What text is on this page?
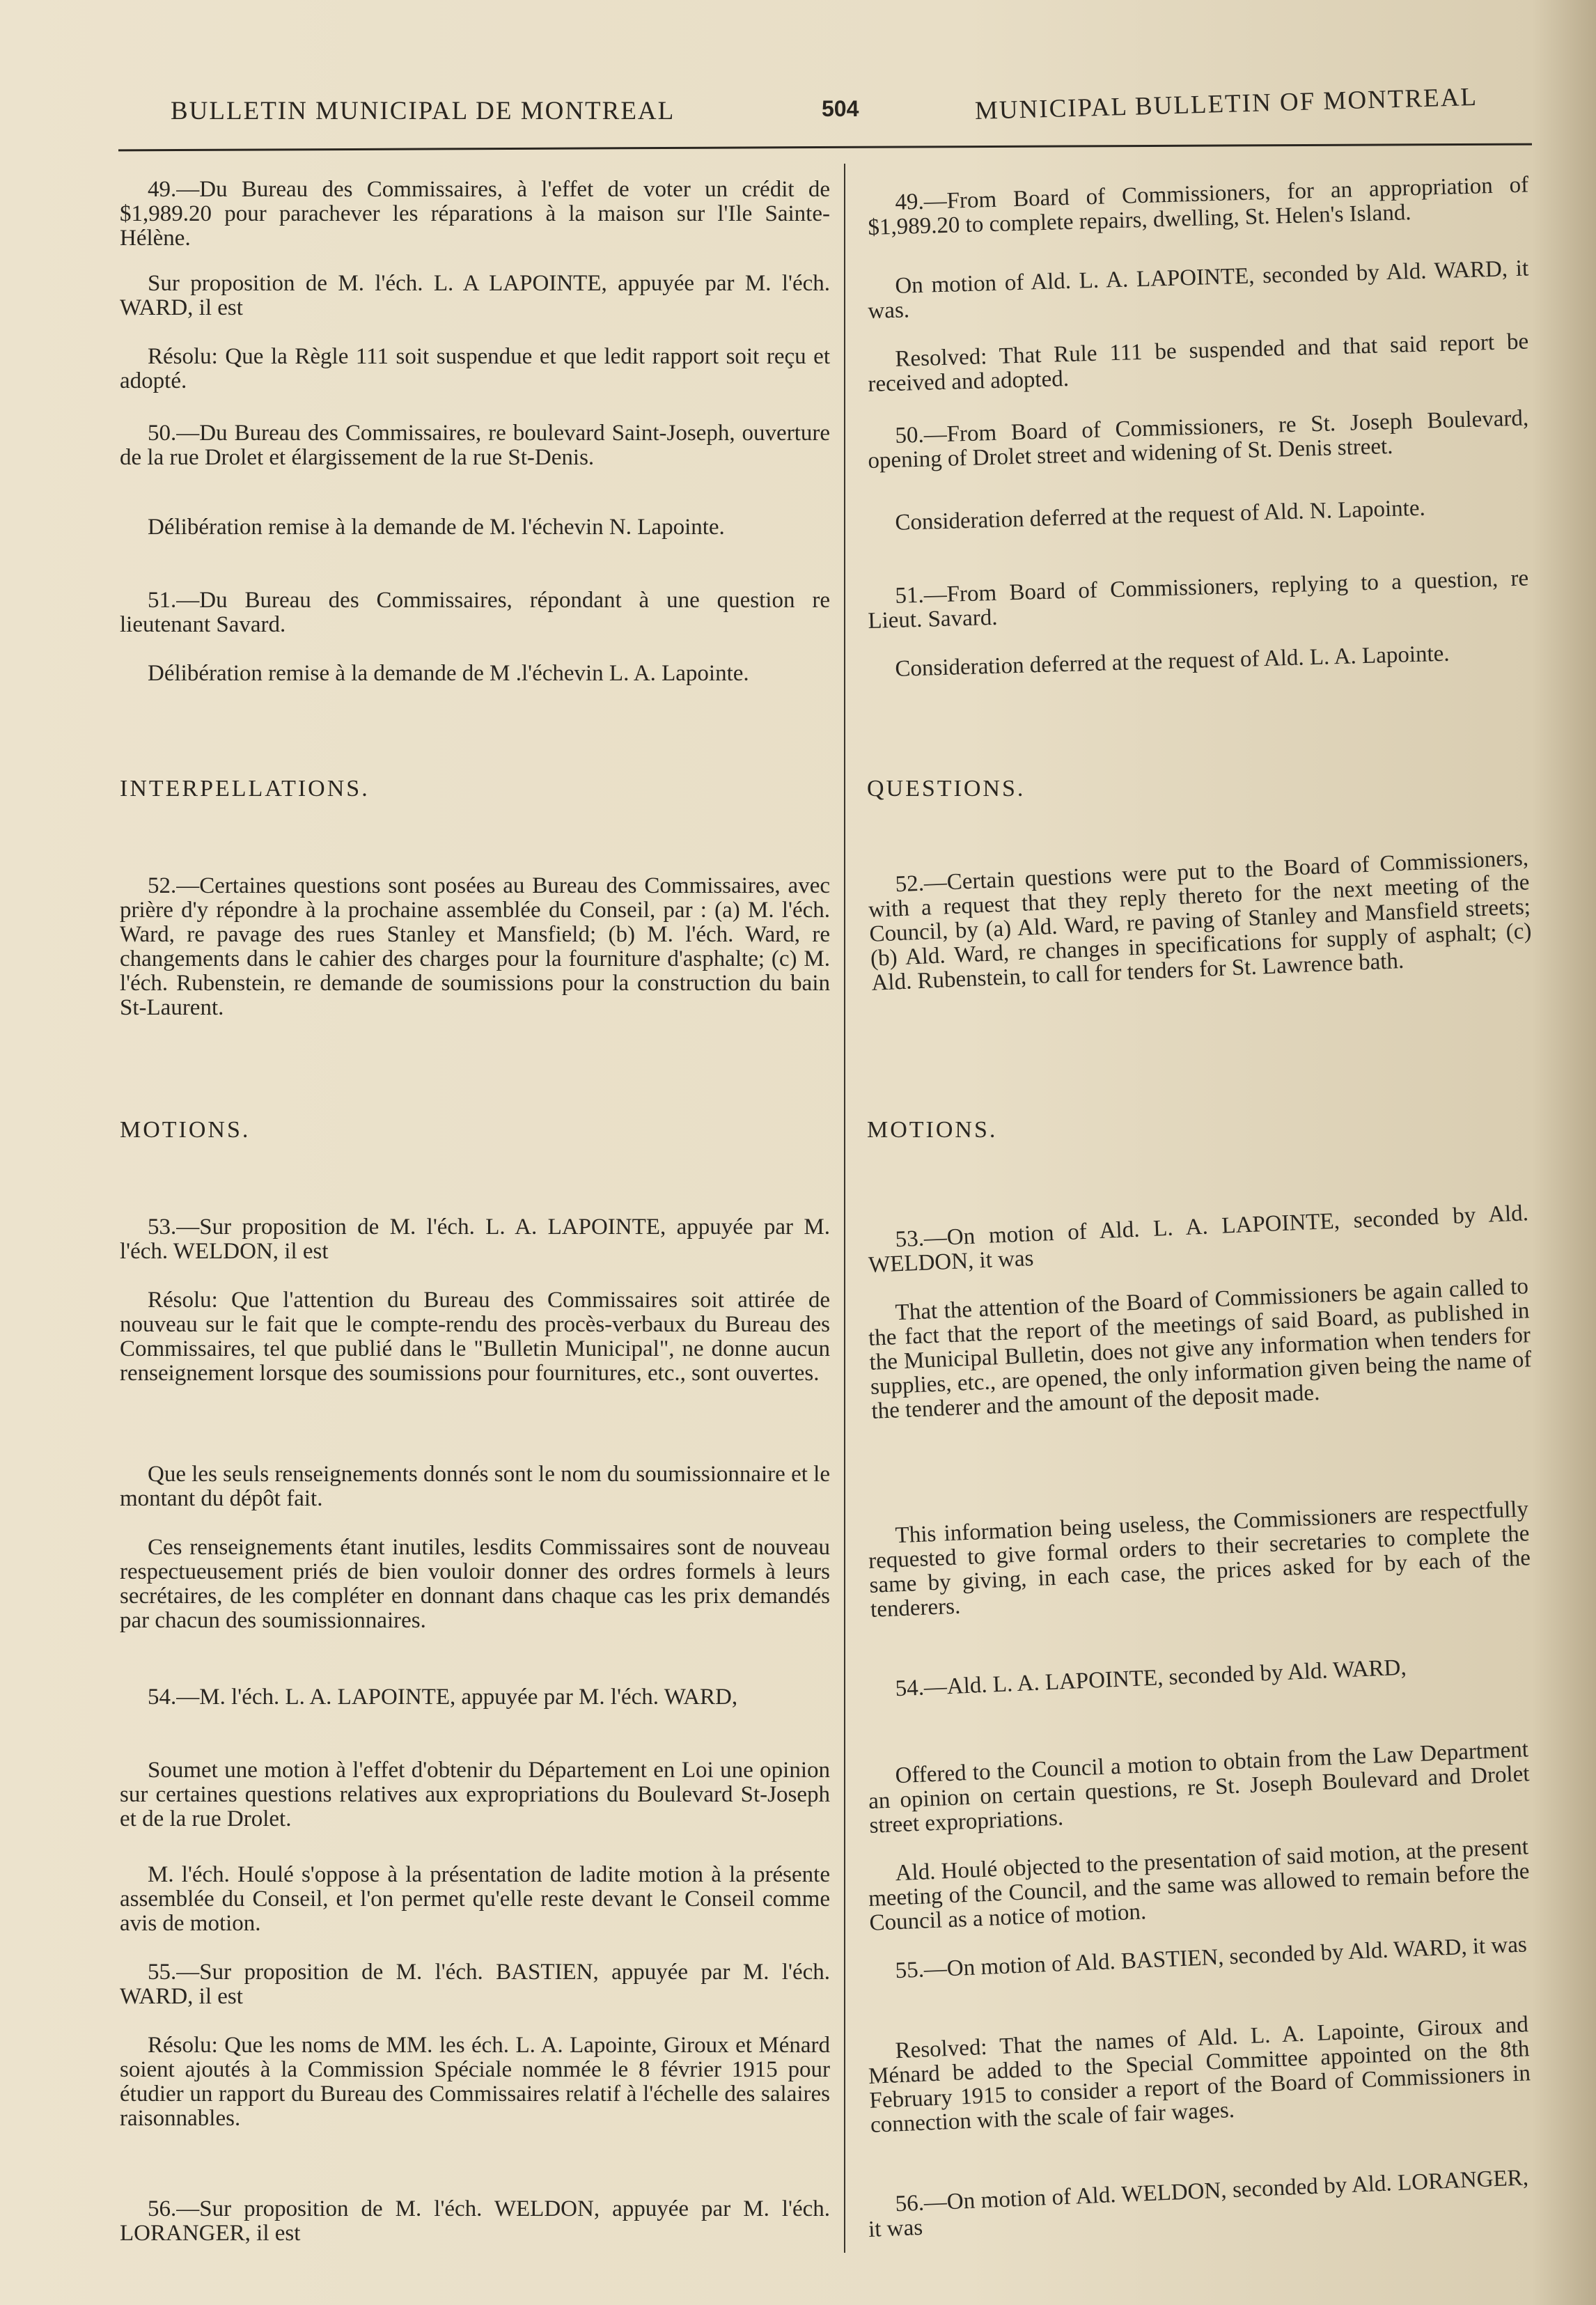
BULLETIN MUNICIPAL DE MONTREAL	504	MUNICIPAL BULLETIN OF MONTREAL

49.—Du Bureau des Commissaires, à l'effet de voter un crédit de $1,989.20 pour parachever les réparations à la maison sur l'Ile Sainte-Hélène.

Sur proposition de M. l'éch. L. A LAPOINTE, appuyée par M. l'éch. WARD, il est

Résolu: Que la Règle 111 soit suspendue et que ledit rapport soit reçu et adopté.

50.—Du Bureau des Commissaires, re boulevard Saint-Joseph, ouverture de la rue Drolet et élargissement de la rue St-Denis.

Délibération remise à la demande de M. l'échevin N. Lapointe.

51.—Du Bureau des Commissaires, répondant à une question re lieutenant Savard.

Délibération remise à la demande de M .l'échevin L. A. Lapointe.

INTERPELLATIONS.

52.—Certaines questions sont posées au Bureau des Commissaires, avec prière d'y répondre à la prochaine assemblée du Conseil, par : (a) M. l'éch. Ward, re pavage des rues Stanley et Mansfield; (b) M. l'éch. Ward, re changements dans le cahier des charges pour la fourniture d'asphalte; (c) M. l'éch. Rubenstein, re demande de soumissions pour la construction du bain St-Laurent.

MOTIONS.

53.—Sur proposition de M. l'éch. L. A. LAPOINTE, appuyée par M. l'éch. WELDON, il est

Résolu: Que l'attention du Bureau des Commissaires soit attirée de nouveau sur le fait que le compte-rendu des procès-verbaux du Bureau des Commissaires, tel que publié dans le "Bulletin Municipal", ne donne aucun renseignement lorsque des soumissions pour fournitures, etc., sont ouvertes.

Que les seuls renseignements donnés sont le nom du soumissionnaire et le montant du dépôt fait.

Ces renseignements étant inutiles, lesdits Commissaires sont de nouveau respectueusement priés de bien vouloir donner des ordres formels à leurs secrétaires, de les compléter en donnant dans chaque cas les prix demandés par chacun des soumissionnaires.

54.—M. l'éch. L. A. LAPOINTE, appuyée par M. l'éch. WARD,

Soumet une motion à l'effet d'obtenir du Département en Loi une opinion sur certaines questions relatives aux expropriations du Boulevard St-Joseph et de la rue Drolet.

M. l'éch. Houlé s'oppose à la présentation de ladite motion à la présente assemblée du Conseil, et l'on permet qu'elle reste devant le Conseil comme avis de motion.

55.—Sur proposition de M. l'éch. BASTIEN, appuyée par M. l'éch. WARD, il est

Résolu: Que les noms de MM. les éch. L. A. Lapointe, Giroux et Ménard soient ajoutés à la Commission Spéciale nommée le 8 février 1915 pour étudier un rapport du Bureau des Commissaires relatif à l'échelle des salaires raisonnables.

56.—Sur proposition de M. l'éch. WELDON, appuyée par M. l'éch. LORANGER, il est

49.—From Board of Commissioners, for an appropriation of $1,989.20 to complete repairs, dwelling, St. Helen's Island.

On motion of Ald. L. A. LAPOINTE, seconded by Ald. WARD, it was.

Resolved: That Rule 111 be suspended and that said report be received and adopted.

50.—From Board of Commissioners, re St. Joseph Boulevard, opening of Drolet street and widening of St. Denis street.

Consideration deferred at the request of Ald. N. Lapointe.

51.—From Board of Commissioners, replying to a question, re Lieut. Savard.

Consideration deferred at the request of Ald. L. A. Lapointe.

QUESTIONS.

52.—Certain questions were put to the Board of Commissioners, with a request that they reply thereto for the next meeting of the Council, by (a) Ald. Ward, re paving of Stanley and Mansfield streets; (b) Ald. Ward, re changes in specifications for supply of asphalt; (c) Ald. Rubenstein, to call for tenders for St. Lawrence bath.

MOTIONS.

53.—On motion of Ald. L. A. LAPOINTE, seconded by Ald. WELDON, it was

That the attention of the Board of Commissioners be again called to the fact that the report of the meetings of said Board, as published in the Municipal Bulletin, does not give any information when tenders for supplies, etc., are opened, the only information given being the name of the tenderer and the amount of the deposit made.

This information being useless, the Commissioners are respectfully requested to give formal orders to their secretaries to complete the same by giving, in each case, the prices asked for by each of the tenderers.

54.—Ald. L. A. LAPOINTE, seconded by Ald. WARD,

Offered to the Council a motion to obtain from the Law Department an opinion on certain questions, re St. Joseph Boulevard and Drolet street expropriations.

Ald. Houlé objected to the presentation of said motion, at the present meeting of the Council, and the same was allowed to remain before the Council as a notice of motion.

55.—On motion of Ald. BASTIEN, seconded by Ald. WARD, it was

Resolved: That the names of Ald. L. A. Lapointe, Giroux and Ménard be added to the Special Committee appointed on the 8th February 1915 to consider a report of the Board of Commissioners in connection with the scale of fair wages.

56.—On motion of Ald. WELDON, seconded by Ald. LORANGER, it was
